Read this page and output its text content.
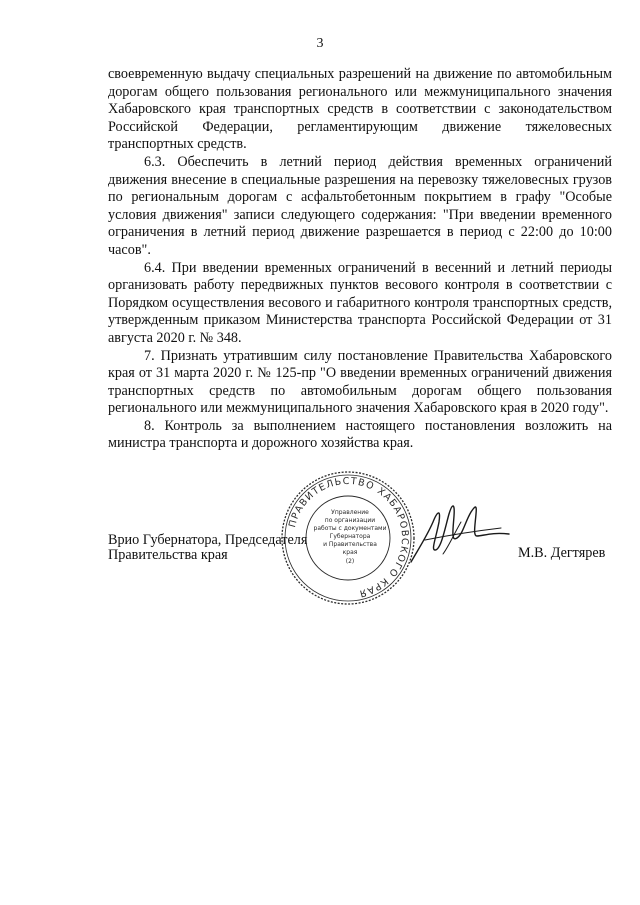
3

своевременную выдачу специальных разрешений на движение по автомобильным дорогам общего пользования регионального или межмуниципального значения Хабаровского края транспортных средств в соответствии с законодательством Российской Федерации, регламентирующим движение тяжеловесных транспортных средств.

6.3. Обеспечить в летний период действия временных ограничений движения внесение в специальные разрешения на перевозку тяжеловесных грузов по региональным дорогам с асфальтобетонным покрытием в графу "Особые условия движения" записи следующего содержания: "При введении временного ограничения в летний период движение разрешается в период с 22:00 до 10:00 часов".

6.4. При введении временных ограничений в весенний и летний периоды организовать работу передвижных пунктов весового контроля в соответствии с Порядком осуществления весового и габаритного контроля транспортных средств, утвержденным приказом Министерства транспорта Российской Федерации от 31 августа 2020 г. № 348.

7. Признать утратившим силу постановление Правительства Хабаровского края от 31 марта 2020 г. № 125-пр "О введении временных ограничений движения транспортных средств по автомобильным дорогам общего пользования регионального или межмуниципального значения Хабаровского края в 2020 году".

8. Контроль за выполнением настоящего постановления возложить на министра транспорта и дорожного хозяйства края.

Врио Губернатора, Председателя
Правительства края
ПРАВИТЕЛЬСТВО ХАБАРОВСКОГО КРАЯ
Управление
по организации
работы с документами
Губернатора
и Правительства
края
(2)
М.В. Дегтярев
